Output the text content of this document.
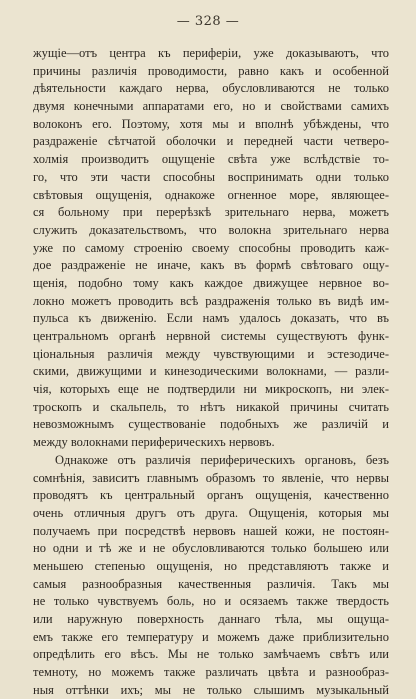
— 328 —
жущіе—отъ центра къ периферіи, уже доказываютъ, что
причины различія проводимости, равно какъ и особенной
дѣятельности каждаго нерва, обусловливаются не только
двумя конечными аппаратами его, но и свойствами самихъ
волоконъ его. Поэтому, хотя мы и вполнѣ убѣждены, что
раздраженіе сѣтчатой оболочки и передней части четверо-
холмія производитъ ощущеніе свѣта уже вслѣдствіе то-
го, что эти части способны воспринимать одни только
свѣтовыя ощущенія, однакоже огненное море, являющее-
ся больному при перерѣзкѣ зрительнаго нерва, можетъ
служить доказательствомъ, что волокна зрительнаго нерва
уже по самому строенію своему способны проводить каж-
дое раздраженіе не иначе, какъ въ формѣ свѣтоваго ощу-
щенія, подобно тому какъ каждое движущее нервное во-
локно можетъ проводить всѣ раздраженія только въ видѣ им-
пульса къ движенію. Если намъ удалось доказать, что въ
центральномъ органѣ нервной системы существуютъ функ-
ціональныя различія между чувствующими и эстезодиче-
скими, движущими и кинезодическими волокнами, — разли-
чія, которыхъ еще не подтвердили ни микроскопъ, ни элек-
троскопъ и скальпель, то нѣтъ никакой причины считать
невозможнымъ существованіе подобныхъ же различій и
между волокнами периферическихъ нервовъ.
Однакоже отъ различія периферическихъ органовъ, безъ
сомнѣнія, зависитъ главнымъ образомъ то явленіе, что нервы
проводятъ къ центральный органъ ощущенія, качественно
очень отличныя другъ отъ друга. Ощущенія, которыя мы
получаемъ при посредствѣ нервовъ нашей кожи, не постоян-
но одни и тѣ же и не обусловливаются только большею или
меньшею степенью ощущенія, но представляютъ также и
самыя разнообразныя качественныя различія. Такъ мы
не только чувствуемъ боль, но и осязаемъ также твердость
или наружную поверхность даннаго тѣла, мы ощуща-
емъ также его температуру и можемъ даже приблизительно
опредѣлить его вѣсъ. Мы не только замѣчаемъ свѣтъ или
темноту, но можемъ также различать цвѣта и разнообраз-
ныя оттѣнки ихъ; мы не только слышимъ музыкальный
